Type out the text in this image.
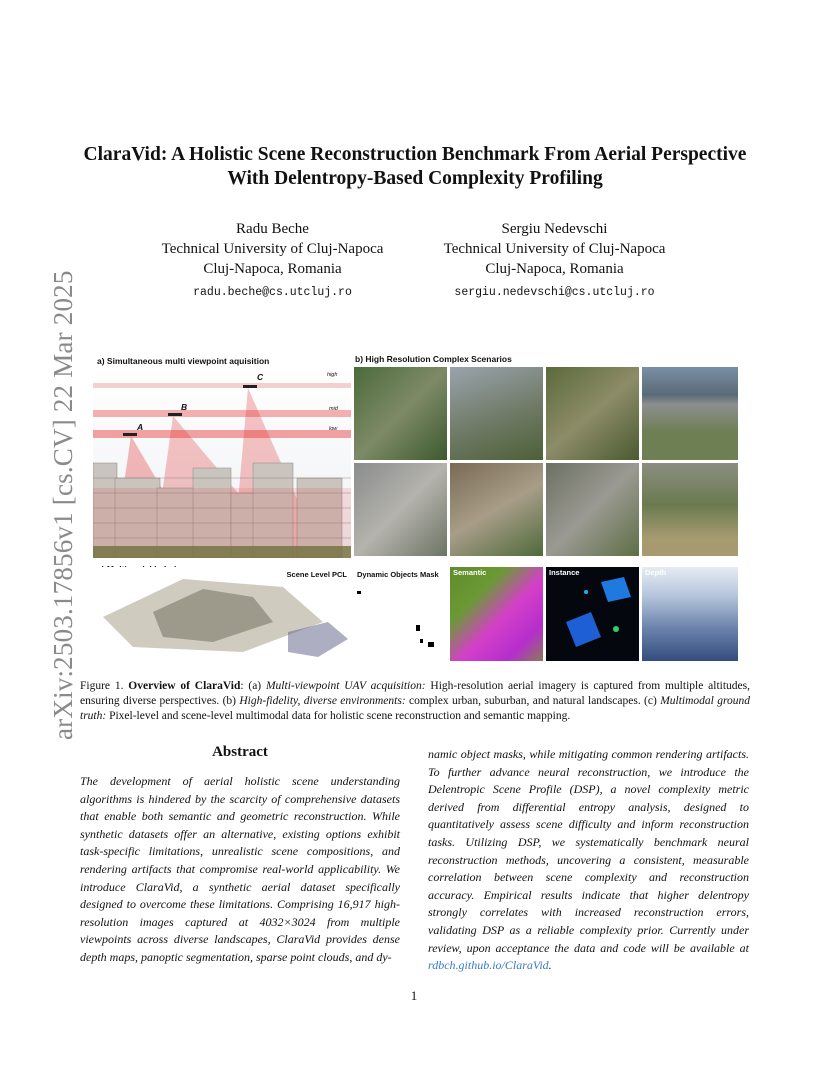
arXiv:2503.17856v1 [cs.CV] 22 Mar 2025
ClaraVid: A Holistic Scene Reconstruction Benchmark From Aerial Perspective
With Delentropy-Based Complexity Profiling
Radu Beche
Technical University of Cluj-Napoca
Cluj-Napoca, Romania
radu.beche@cs.utcluj.ro
Sergiu Nedevschi
Technical University of Cluj-Napoca
Cluj-Napoca, Romania
sergiu.nedevschi@cs.utcluj.ro
a) Simultaneous multi viewpoint aquisition
high
mid
low
C
B
A
b) High Resolution Complex Scenarios
Scene Level PCL Dynamic Objects Mask Semantic	Instance	Depth
Figure 1. Overview of ClaraVid: (a) Multi-viewpoint UAV acquisition: High-resolution aerial imagery is captured from multiple altitudes, ensuring diverse perspectives. (b) High-fidelity, diverse environments: complex urban, suburban, and natural landscapes. (c) Multimodal ground truth: Pixel-level and scene-level multimodal data for holistic scene reconstruction and semantic mapping.
Abstract
The development of aerial holistic scene understanding algorithms is hindered by the scarcity of comprehensive datasets that enable both semantic and geometric reconstruction. While synthetic datasets offer an alternative, existing options exhibit task-specific limitations, unrealistic scene compositions, and rendering artifacts that compromise real-world applicability. We introduce ClaraVid, a synthetic aerial dataset specifically designed to overcome these limitations. Comprising 16,917 high-resolution images captured at 4032×3024 from multiple viewpoints across diverse landscapes, ClaraVid provides dense depth maps, panoptic segmentation, sparse point clouds, and dy-
namic object masks, while mitigating common rendering artifacts. To further advance neural reconstruction, we introduce the Delentropic Scene Profile (DSP), a novel complexity metric derived from differential entropy analysis, designed to quantitatively assess scene difficulty and inform reconstruction tasks. Utilizing DSP, we systematically benchmark neural reconstruction methods, uncovering a consistent, measurable correlation between scene complexity and reconstruction accuracy. Empirical results indicate that higher delentropy strongly correlates with increased reconstruction errors, validating DSP as a reliable complexity prior. Currently under review, upon acceptance the data and code will be available at rdbch.github.io/ClaraVid.
1
